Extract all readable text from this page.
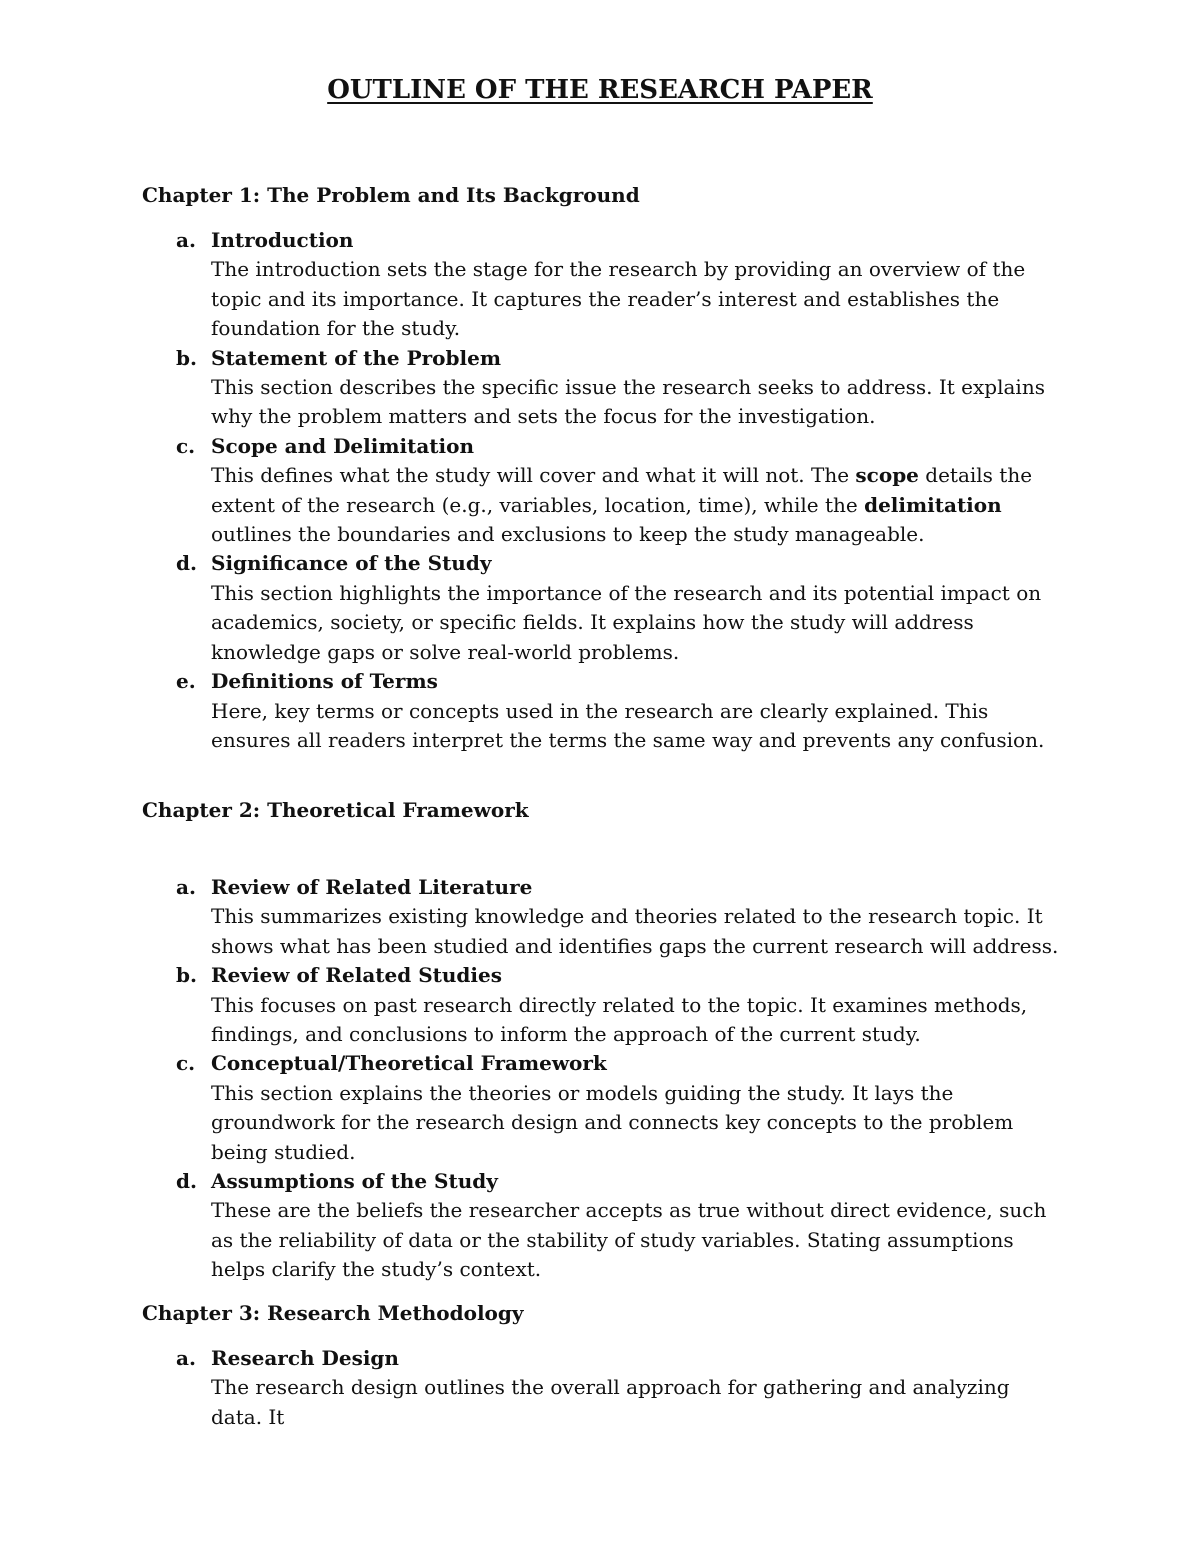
OUTLINE OF THE RESEARCH PAPER
Chapter 1: The Problem and Its Background
a. Introduction
The introduction sets the stage for the research by providing an overview of the topic and its importance. It captures the reader’s interest and establishes the foundation for the study.
b. Statement of the Problem
This section describes the specific issue the research seeks to address. It explains why the problem matters and sets the focus for the investigation.
c. Scope and Delimitation
This defines what the study will cover and what it will not. The scope details the extent of the research (e.g., variables, location, time), while the delimitation outlines the boundaries and exclusions to keep the study manageable.
d. Significance of the Study
This section highlights the importance of the research and its potential impact on academics, society, or specific fields. It explains how the study will address knowledge gaps or solve real-world problems.
e. Definitions of Terms
Here, key terms or concepts used in the research are clearly explained. This ensures all readers interpret the terms the same way and prevents any confusion.
Chapter 2: Theoretical Framework
a. Review of Related Literature
This summarizes existing knowledge and theories related to the research topic. It shows what has been studied and identifies gaps the current research will address.
b. Review of Related Studies
This focuses on past research directly related to the topic. It examines methods, findings, and conclusions to inform the approach of the current study.
c. Conceptual/Theoretical Framework
This section explains the theories or models guiding the study. It lays the groundwork for the research design and connects key concepts to the problem being studied.
d. Assumptions of the Study
These are the beliefs the researcher accepts as true without direct evidence, such as the reliability of data or the stability of study variables. Stating assumptions helps clarify the study’s context.
Chapter 3: Research Methodology
a. Research Design
The research design outlines the overall approach for gathering and analyzing data. It
